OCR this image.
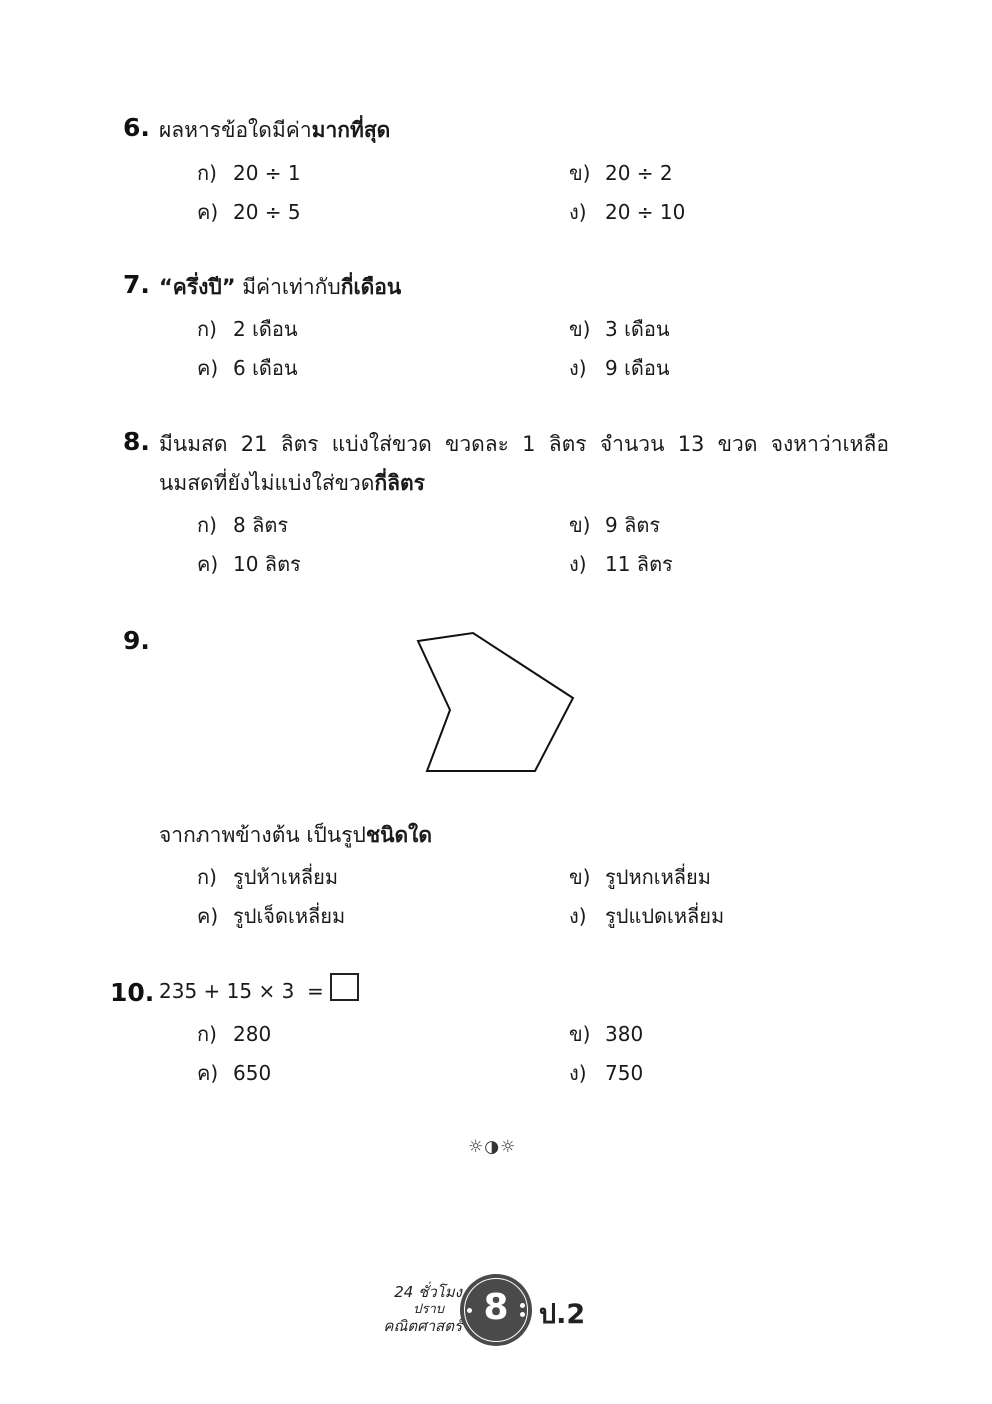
6. ผลหารข้อใดมีค่ามากที่สุด
ก) 20 ÷ 1	ข) 20 ÷ 2
ค) 20 ÷ 5	ง) 20 ÷ 10
7. “ครึ่งปี” มีค่าเท่ากับกี่เดือน
ก) 2 เดือน	ข) 3 เดือน
ค) 6 เดือน	ง) 9 เดือน
8. มีนมสด 21 ลิตร แบ่งใส่ขวด ขวดละ 1 ลิตร จำนวน 13 ขวด จงหาว่าเหลือ
นมสดที่ยังไม่แบ่งใส่ขวดกี่ลิตร
ก) 8 ลิตร	ข) 9 ลิตร
ค) 10 ลิตร	ง) 11 ลิตร
9.
จากภาพข้างต้น เป็นรูปชนิดใด
ก) รูปห้าเหลี่ยม	ข) รูปหกเหลี่ยม
ค) รูปเจ็ดเหลี่ยม	ง) รูปแปดเหลี่ยม
10. 235 + 15 × 3  =
ก) 280	ข) 380
ค) 650	ง) 750
☼◑☼
24 ชั่วโมง
ปราบ
คณิตศาสตร์ 8	ป.2
